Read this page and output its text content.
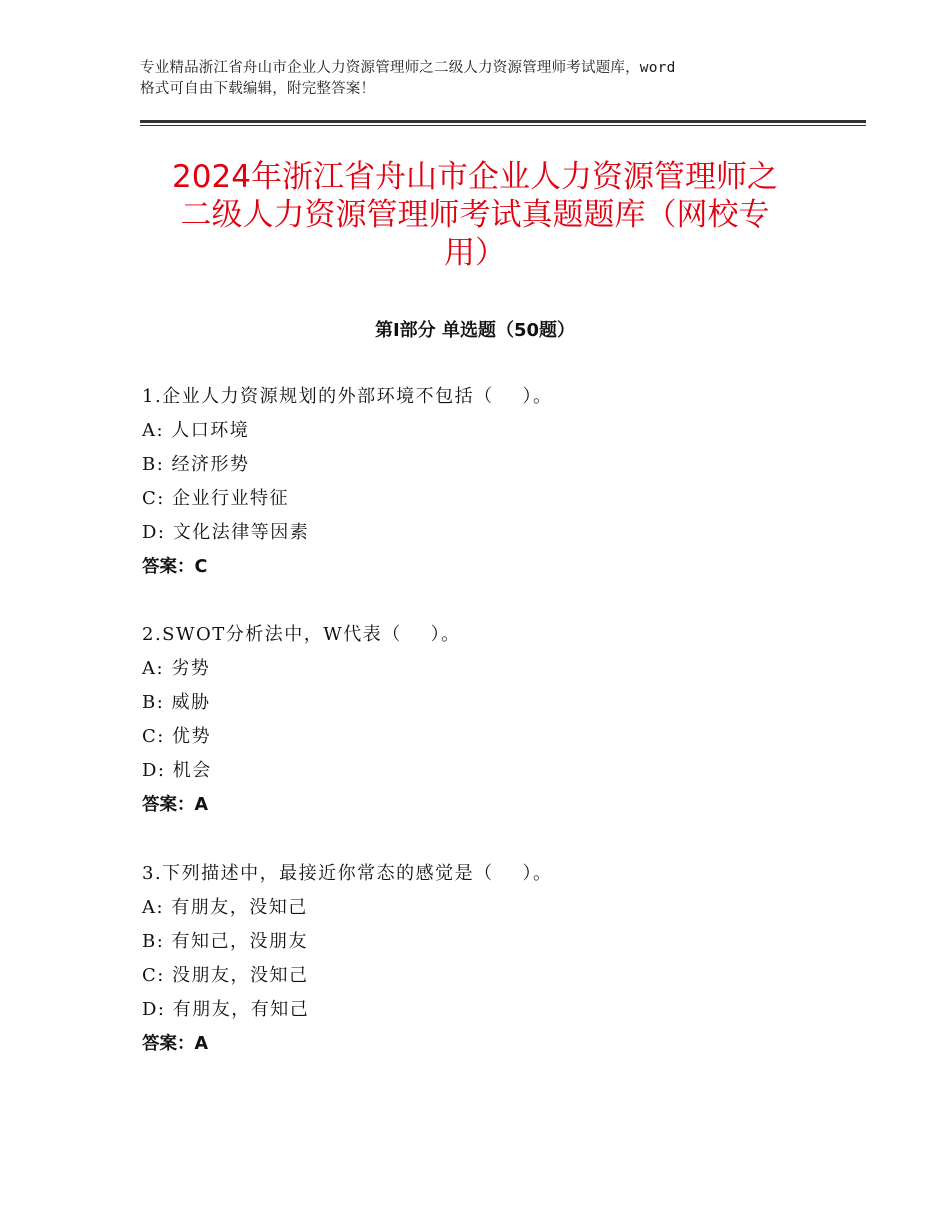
专业精品浙江省舟山市企业人力资源管理师之二级人力资源管理师考试题库，word
格式可自由下载编辑，附完整答案！
2024年浙江省舟山市企业人力资源管理师之
二级人力资源管理师考试真题题库（网校专
用）
第Ⅰ部分 单选题（50题）
1.企业人力资源规划的外部环境不包括（    ）。
A: 人口环境
B: 经济形势
C: 企业行业特征
D: 文化法律等因素
答案：C
2.SWOT分析法中，W代表（    ）。
A: 劣势
B: 威胁
C: 优势
D: 机会
答案：A
3.下列描述中，最接近你常态的感觉是（    ）。
A: 有朋友，没知己
B: 有知己，没朋友
C: 没朋友，没知己
D: 有朋友，有知己
答案：A
